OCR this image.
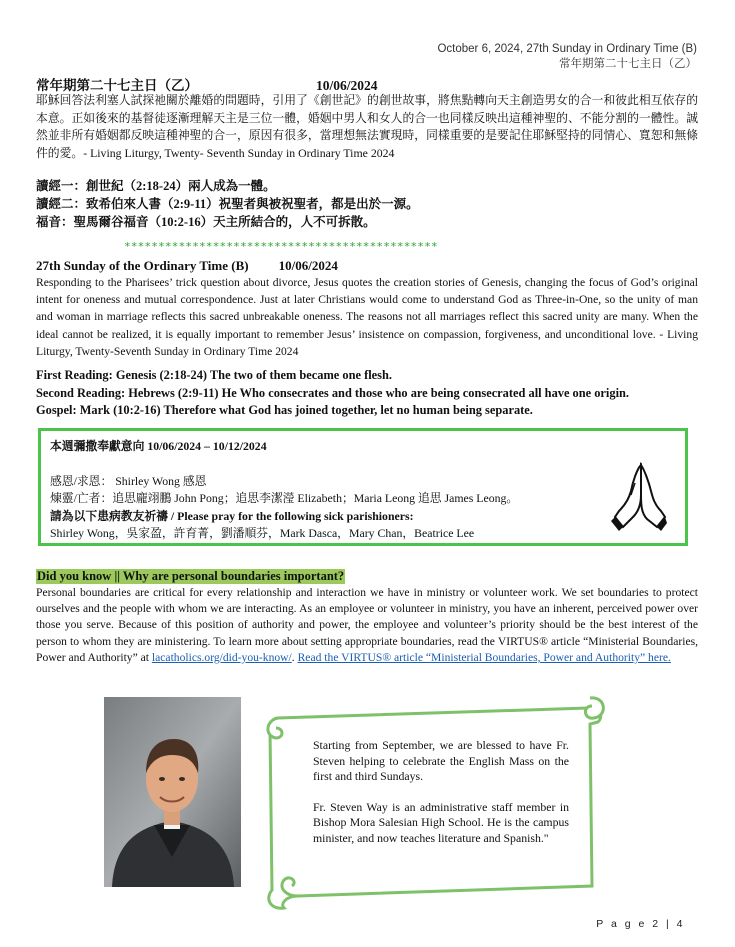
October 6, 2024, 27th Sunday in Ordinary Time (B)
常年期第二十七主日（乙）
常年期第二十七主日（乙）	10/06/2024
耶穌回答法利塞人試探祂關於離婚的問題時，引用了《創世記》的創世故事，將焦點轉向天主創造男女的合一和彼此相互依存的本意。正如後來的基督徒逐漸理解天主是三位一體，婚姻中男人和女人的合一也同樣反映出這種神聖的、不能分割的一體性。誠然並非所有婚姻都反映這種神聖的合一，原因有很多，當理想無法實現時，同樣重要的是要記住耶穌堅持的同情心、寬恕和無條件的愛。- Living Liturgy, Twenty- Seventh Sunday in Ordinary Time 2024
讀經一：創世紀（2:18-24）兩人成為一體。
讀經二：致希伯來人書（2:9-11）祝聖者與被祝聖者，都是出於一源。
福音：聖馬爾谷福音（10:2-16）天主所結合的，人不可拆散。
**********************************************
27th Sunday of the Ordinary Time (B) 10/06/2024
Responding to the Pharisees’ trick question about divorce, Jesus quotes the creation stories of Genesis, changing the focus of God’s original intent for oneness and mutual correspondence. Just at later Christians would come to understand God as Three-in-One, so the unity of man and woman in marriage reflects this sacred unbreakable oneness. The reasons not all marriages reflect this sacred unity are many. When the ideal cannot be realized, it is equally important to remember Jesus’ insistence on compassion, forgiveness, and unconditional love. - Living Liturgy, Twenty-Seventh Sunday in Ordinary Time 2024
First Reading: Genesis (2:18-24) The two of them became one flesh.
Second Reading: Hebrews (2:9-11) He Who consecrates and those who are being consecrated all have one origin.
Gospel: Mark (10:2-16) Therefore what God has joined together, let no human being separate.
本週彌撒奉獻意向 10/06/2024 – 10/12/2024
感恩/求恩： Shirley Wong 感恩
煉靈/亡者：追思龐翊鵬 John Pong；追思李潔瀅 Elizabeth；Maria Leong 追思 James Leong。
請為以下患病教友祈禱 / Please pray for the following sick parishioners:
Shirley Wong，吳家盈，許育菁，劉潘順芬，Mark Dasca，Mary Chan，Beatrice Lee
Did you know || Why are personal boundaries important?
Personal boundaries are critical for every relationship and interaction we have in ministry or volunteer work. We set boundaries to protect ourselves and the people with whom we are interacting. As an employee or volunteer in ministry, you have an inherent, perceived power over those you serve. Because of this position of authority and power, the employee and volunteer’s priority should be the best interest of the person to whom they are ministering. To learn more about setting appropriate boundaries, read the VIRTUS® article “Ministerial Boundaries, Power and Authority” at lacatholics.org/did-you-know/. Read the VIRTUS® article “Ministerial Boundaries, Power and Authority” here.

Starting from September, we are blessed to have Fr. Steven helping to celebrate the English Mass on the first and third Sundays.

Fr. Steven Way is an administrative staff member in Bishop Mora Salesian High School. He is the campus minister, and now teaches literature and Spanish."

P a g e 2 | 4
